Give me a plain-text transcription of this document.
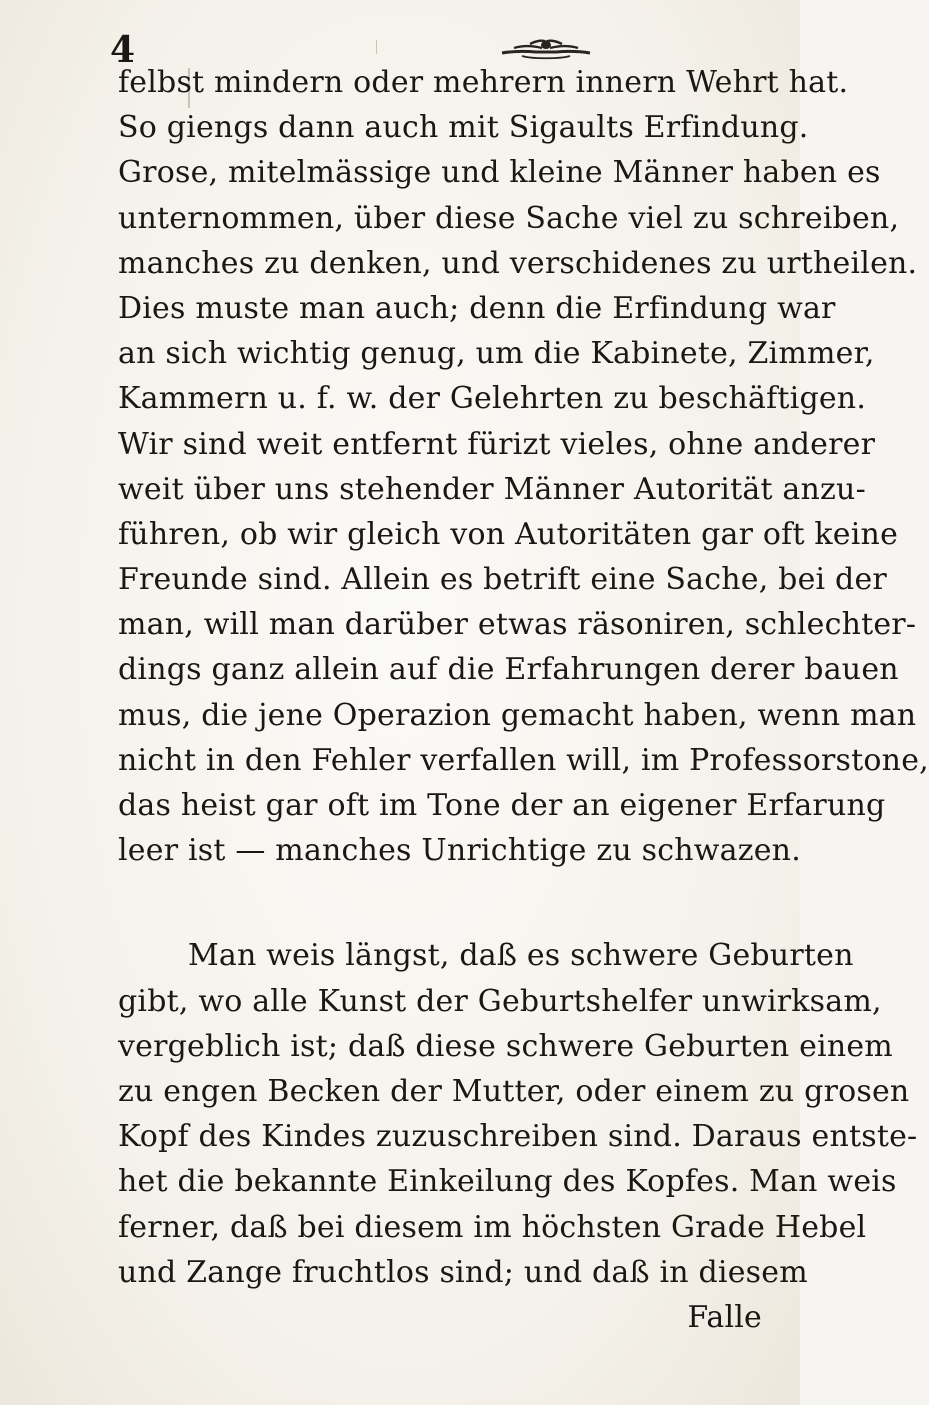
4
felbst mindern oder mehrern innern Wehrt hat.
So giengs dann auch mit Sigaults Erfindung.
Grose, mitelmässige und kleine Männer haben es
unternommen, über diese Sache viel zu schreiben,
manches zu denken, und verschidenes zu urtheilen.
Dies muste man auch; denn die Erfindung war
an sich wichtig genug, um die Kabinete, Zimmer,
Kammern u. f. w. der Gelehrten zu beschäftigen.
Wir sind weit entfernt fürizt vieles, ohne anderer
weit über uns stehender Männer Autorität anzu-
führen, ob wir gleich von Autoritäten gar oft keine
Freunde sind. Allein es betrift eine Sache, bei der
man, will man darüber etwas räsoniren, schlechter-
dings ganz allein auf die Erfahrungen derer bauen
mus, die jene Operazion gemacht haben, wenn man
nicht in den Fehler verfallen will, im Professorstone,
das heist gar oft im Tone der an eigener Erfarung
leer ist — manches Unrichtige zu schwazen.
Man weis längst, daß es schwere Geburten
gibt, wo alle Kunst der Geburtshelfer unwirksam,
vergeblich ist; daß diese schwere Geburten einem
zu engen Becken der Mutter, oder einem zu grosen
Kopf des Kindes zuzuschreiben sind. Daraus entste-
het die bekannte Einkeilung des Kopfes. Man weis
ferner, daß bei diesem im höchsten Grade Hebel
und Zange fruchtlos sind; und daß in diesem
Falle
